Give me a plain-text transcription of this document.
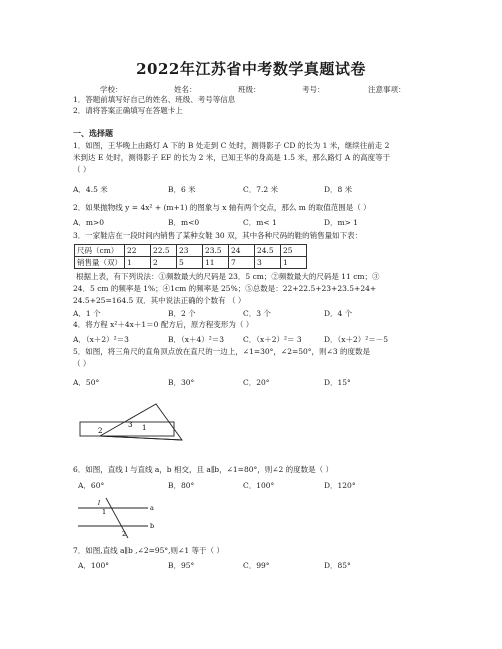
2022年江苏省中考数学真题试卷
学校：	姓名：	班级：	考号：	注意事项：
1．答题前填写好自己的姓名、班级、考号等信息
2．请将答案正确填写在答题卡上
一、选择题
1．如图，王华晚上由路灯 A 下的 B 处走到 C 处时，测得影子 CD 的长为 1 米，继续往前走 2
米到达 E 处时，测得影子 EF 的长为 2 米，已知王华的身高是 1.5 米，那么路灯 A 的高度等于
（ ）
A．4.5 米	B．6 米	C．7.2 米	D．8 米
2．如果抛物线 y = 4x² + (m+1) 的图象与 x 轴有两个交点，那么 m 的取值范围是（ ）
A．m>0	B．m<0	C．m< 1	D．m> 1
3．一家鞋店在一段时间内销售了某种女鞋 30 双，其中各种尺码的鞋的销售量如下表：
尺码（cm）	22	22.5	23	23.5	24	24.5	25
销售量（双）	1	2	5	11	7	3	1
根据上表，有下列说法：①频数最大的尺码是 23．5 cm；②频数最大的尺码是 11 cm；③
24．5 cm 的频率是 1%；④1cm 的频率是 25%；⑤总数是：22+22.5+23+23.5+24+
24.5+25=164.5 双．其中说法正确的个数有 （ ）
A．1 个	B．2 个	C．3 个	D．4 个
4．将方程 x²＋4x＋1＝0 配方后，原方程变形为（ ）
A．（x＋2）²＝3	B．（x＋4）²＝3	C．（x＋2）²＝ 3	D．（x＋2）²＝－5
5．如图，将三角尺的直角顶点放在直尺的一边上，∠1=30°，∠2=50°，则∠3 的度数是
（ ）
A．50°	B．30°	C．20°	D．15°
3 1
2
6．如图，直线 l 与直线 a，b 相交，且 a∥b，∠1=80°，则∠2 的度数是（ ）
A．60°	B．80°	C．100°	D．120°
l
1	a
b
2
7．如图,直线 a∥b ,∠2=95°,则∠1 等于（ ）
A．100°	B．95°	C．99°	D．85°
